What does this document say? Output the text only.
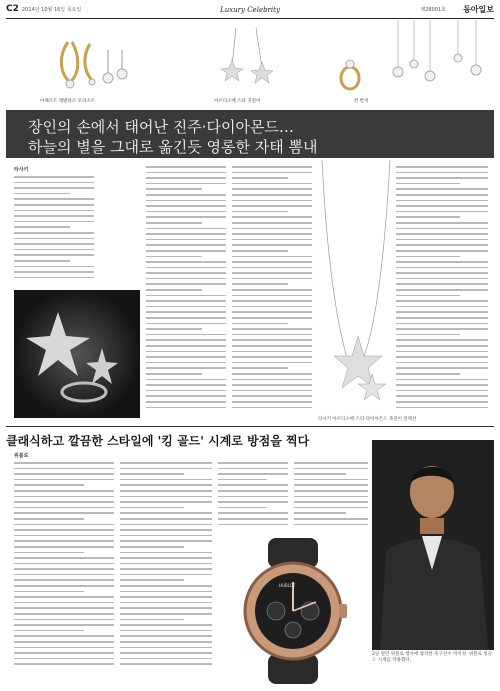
C2 2014년 10월 16일 목요일	Luxury Celebrity	제28001호 동아일보
아페르트 레발라르 모파소르	아르디소베 스타 귀걸이	컨 반지
장인의 손에서 태어난 진주·다이아몬드…
하늘의 별을 그대로 옮긴듯 영롱한 자태 뽐내
타사키
타사키 아르디소베 스타 다이아몬드 목걸이 컬렉션
클래식하고 깔끔한 스타일에 '킹 골드' 시계로 방점을 찍다
위블로
HUBLOT
2일 열린 위블로 행사에 참석한 축구선수 박지성. 위블로 킹골드 시계를 착용했다.
